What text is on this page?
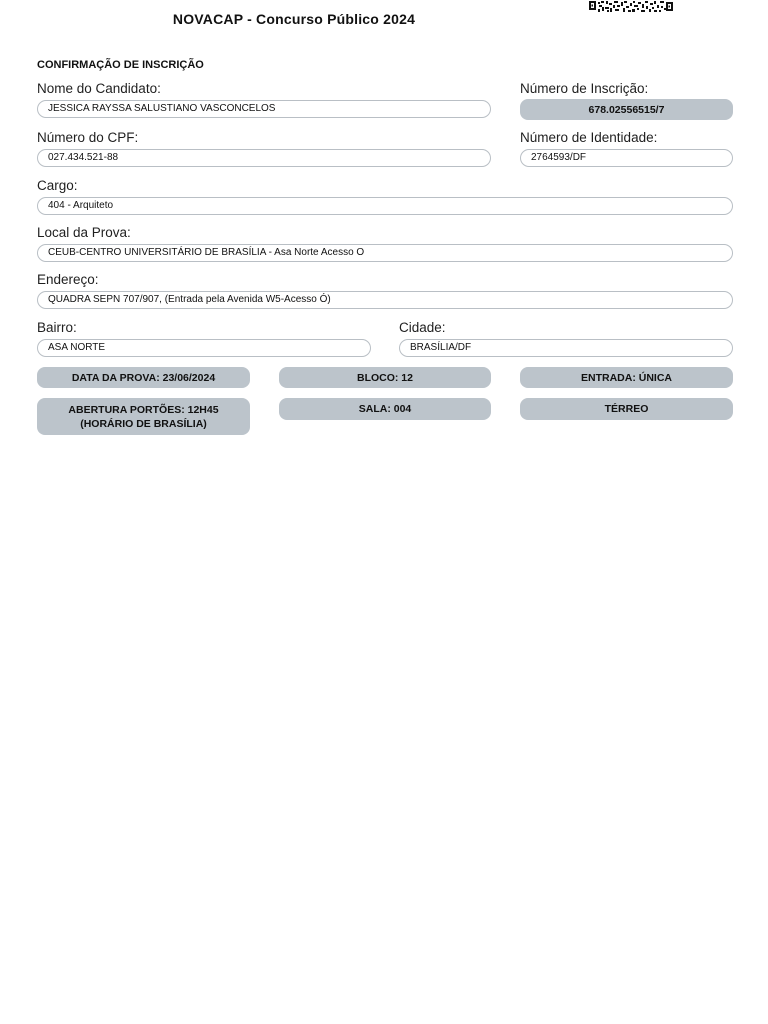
NOVACAP - Concurso Público 2024
CONFIRMAÇÃO DE INSCRIÇÃO
Nome do Candidato:
JESSICA RAYSSA SALUSTIANO VASCONCELOS
Número de Inscrição:
678.02556515/7
Número do CPF:
027.434.521-88
Número de Identidade:
2764593/DF
Cargo:
404 - Arquiteto
Local da Prova:
CEUB-CENTRO UNIVERSITÁRIO DE BRASÍLIA - Asa Norte Acesso O
Endereço:
QUADRA SEPN 707/907, (Entrada pela Avenida W5-Acesso Ó)
Bairro:
ASA NORTE
Cidade:
BRASÍLIA/DF
DATA DA PROVA: 23/06/2024	BLOCO: 12	ENTRADA: ÚNICA
ABERTURA PORTÕES: 12H45
(HORÁRIO DE BRASÍLIA)
SALA: 004	TÉRREO
